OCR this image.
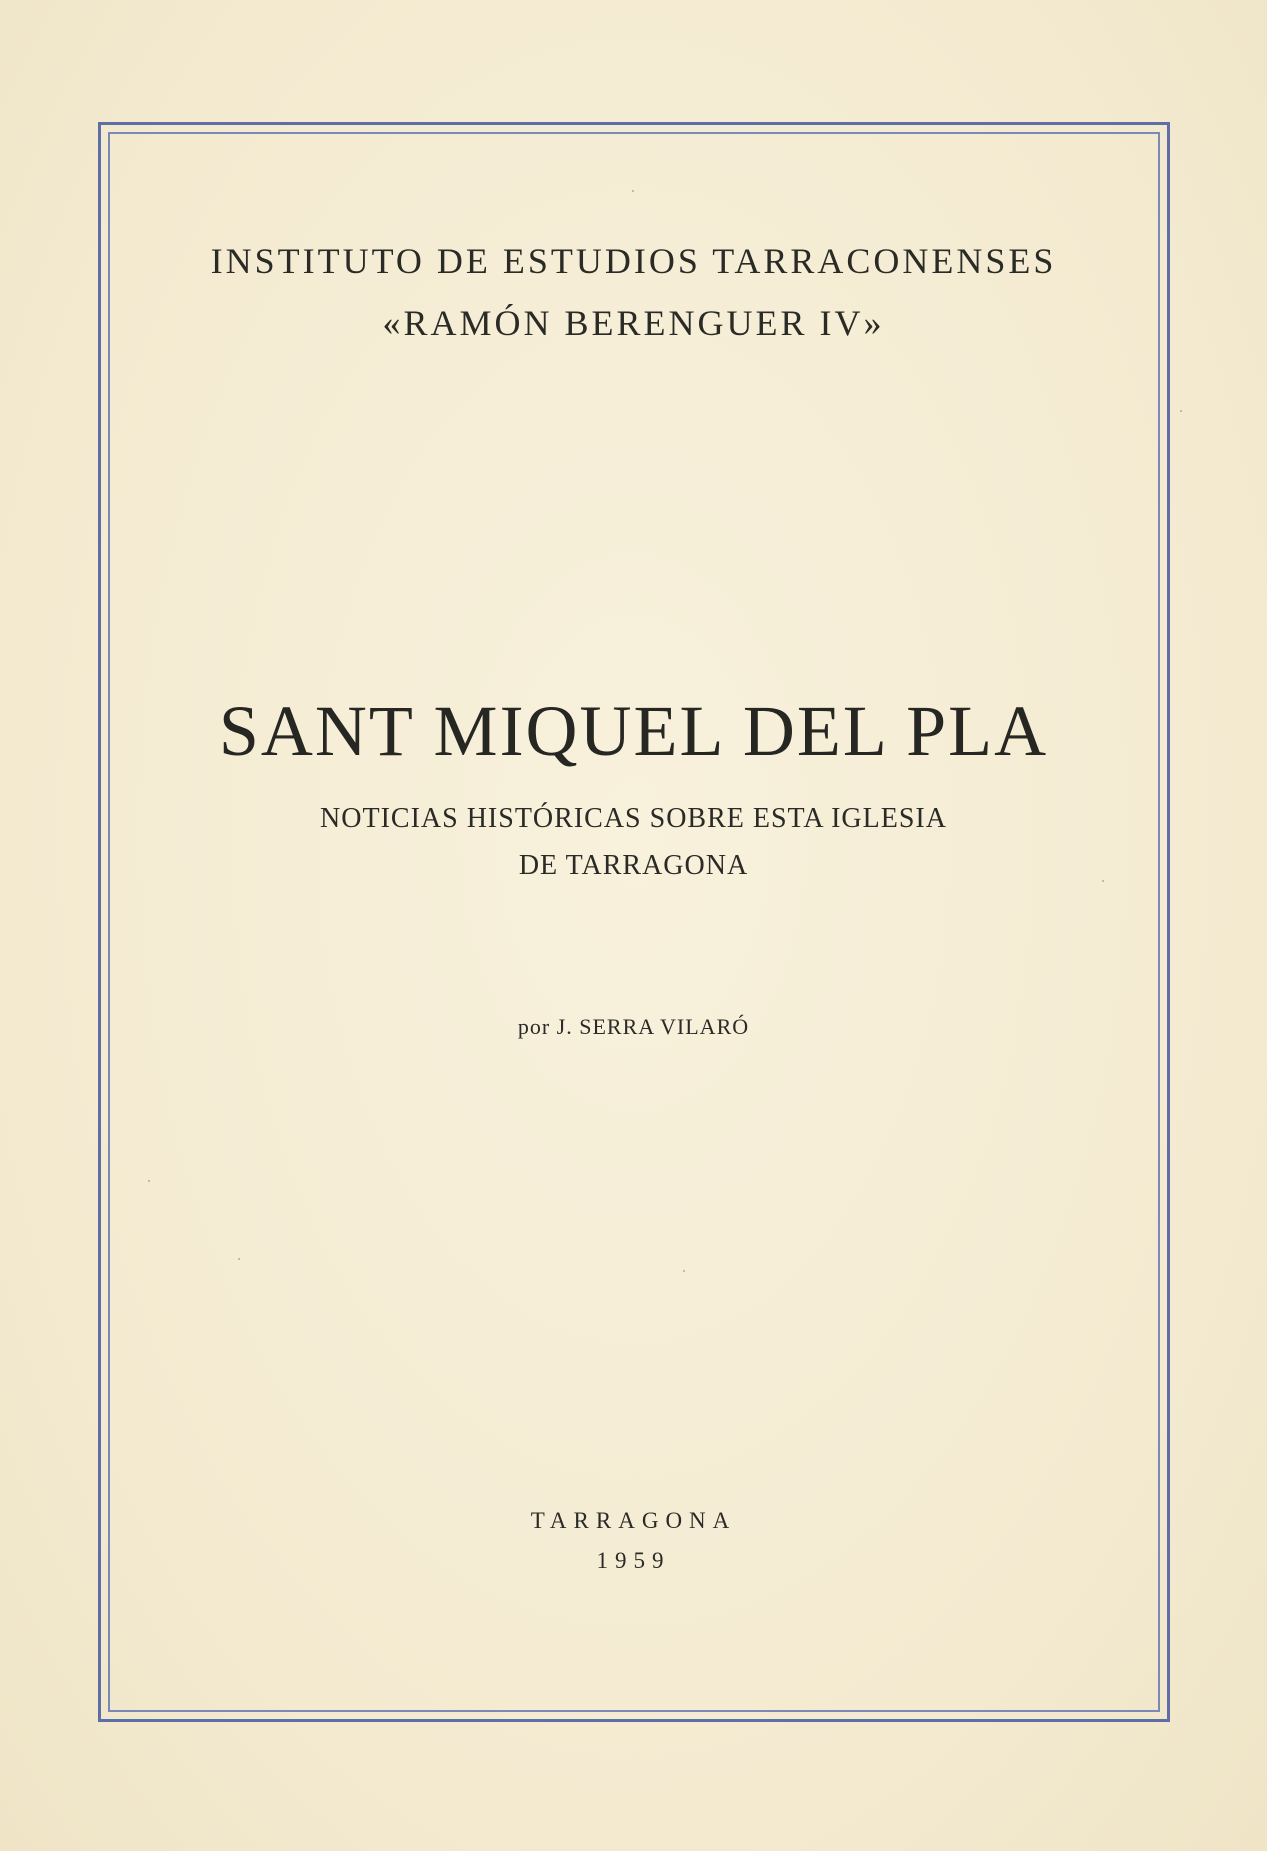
INSTITUTO DE ESTUDIOS TARRACONENSES
«RAMÓN BERENGUER IV»
SANT MIQUEL DEL PLA
NOTICIAS HISTÓRICAS SOBRE ESTA IGLESIA
DE TARRAGONA
por J. SERRA VILARÓ
TARRAGONA
1959
